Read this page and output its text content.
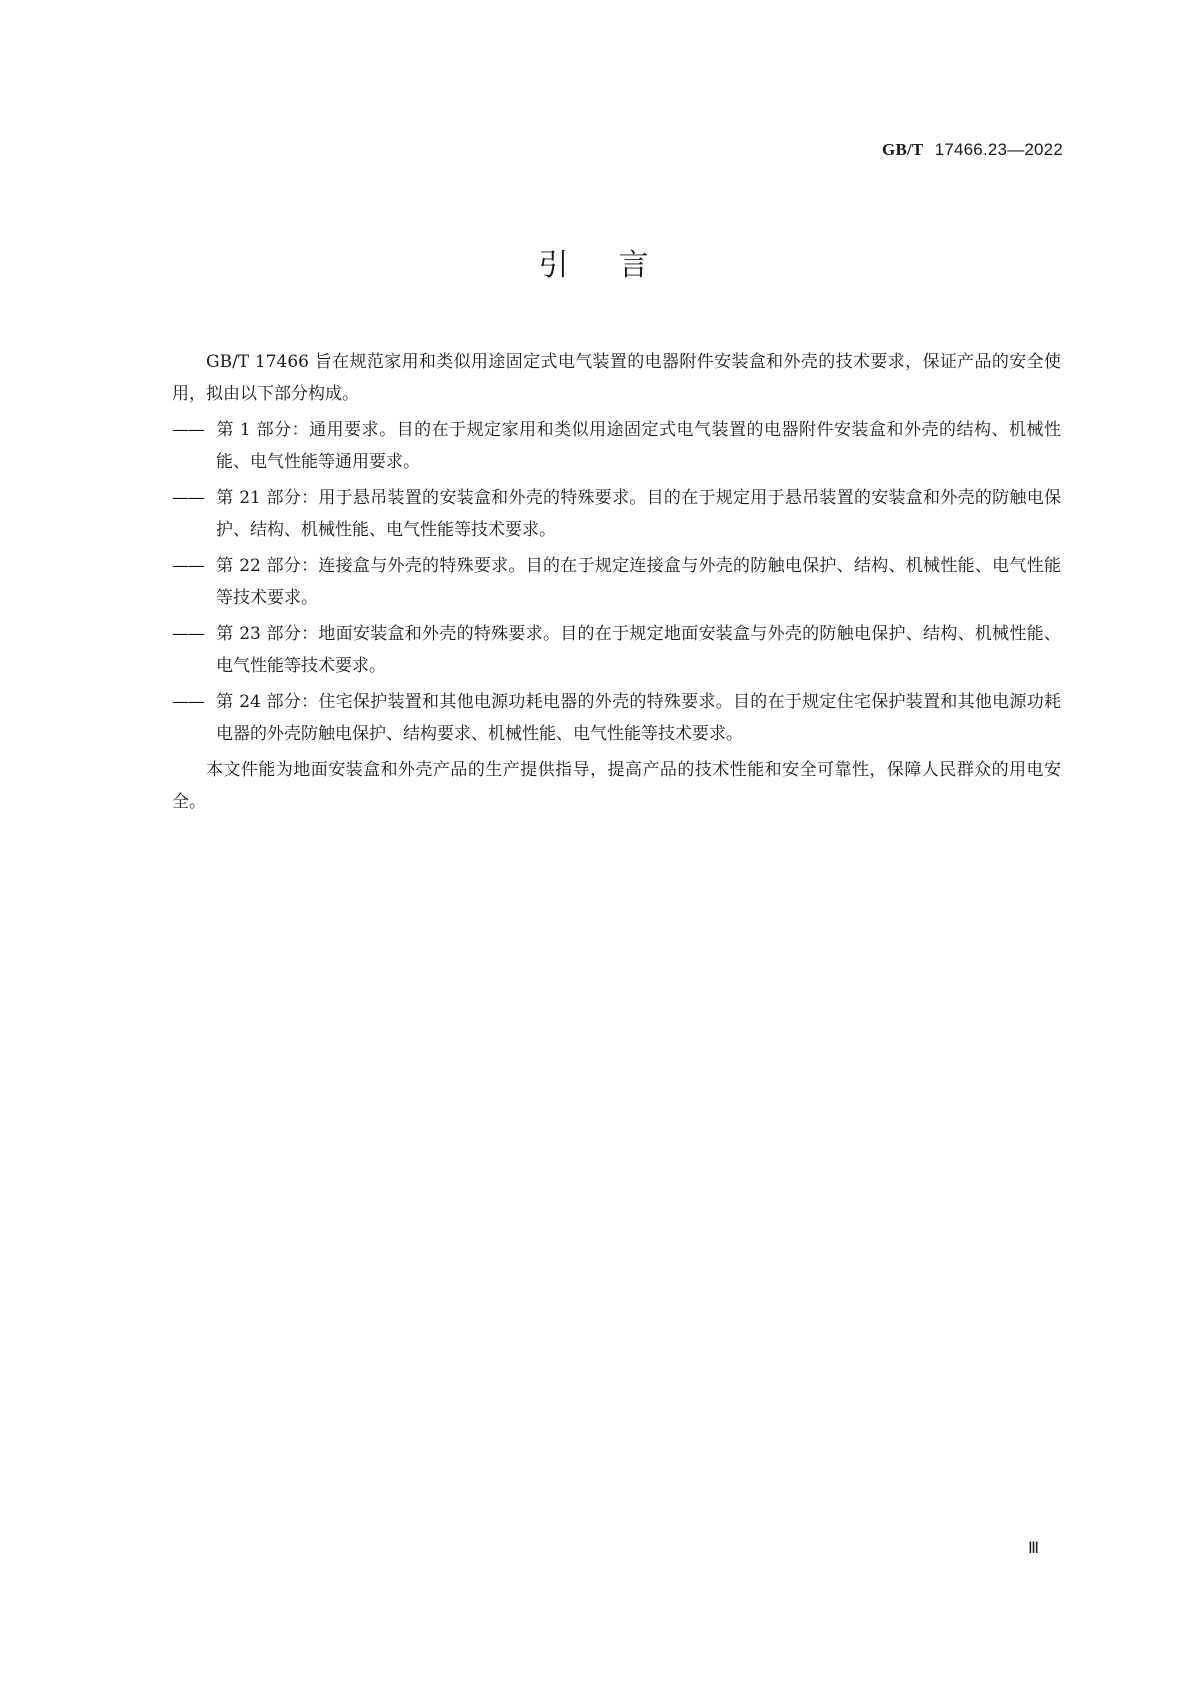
GB/T 17466.23—2022
引言

GB/T 17466 旨在规范家用和类似用途固定式电气装置的电器附件安装盒和外壳的技术要求，保证产品的安全使用，拟由以下部分构成。

—— 第 1 部分：通用要求。目的在于规定家用和类似用途固定式电气装置的电器附件安装盒和外壳的结构、机械性能、电气性能等通用要求。

—— 第 21 部分：用于悬吊装置的安装盒和外壳的特殊要求。目的在于规定用于悬吊装置的安装盒和外壳的防触电保护、结构、机械性能、电气性能等技术要求。

—— 第 22 部分：连接盒与外壳的特殊要求。目的在于规定连接盒与外壳的防触电保护、结构、机械性能、电气性能等技术要求。

—— 第 23 部分：地面安装盒和外壳的特殊要求。目的在于规定地面安装盒与外壳的防触电保护、结构、机械性能、电气性能等技术要求。

—— 第 24 部分：住宅保护装置和其他电源功耗电器的外壳的特殊要求。目的在于规定住宅保护装置和其他电源功耗电器的外壳防触电保护、结构要求、机械性能、电气性能等技术要求。

本文件能为地面安装盒和外壳产品的生产提供指导，提高产品的技术性能和安全可靠性，保障人民群众的用电安全。

Ⅲ
